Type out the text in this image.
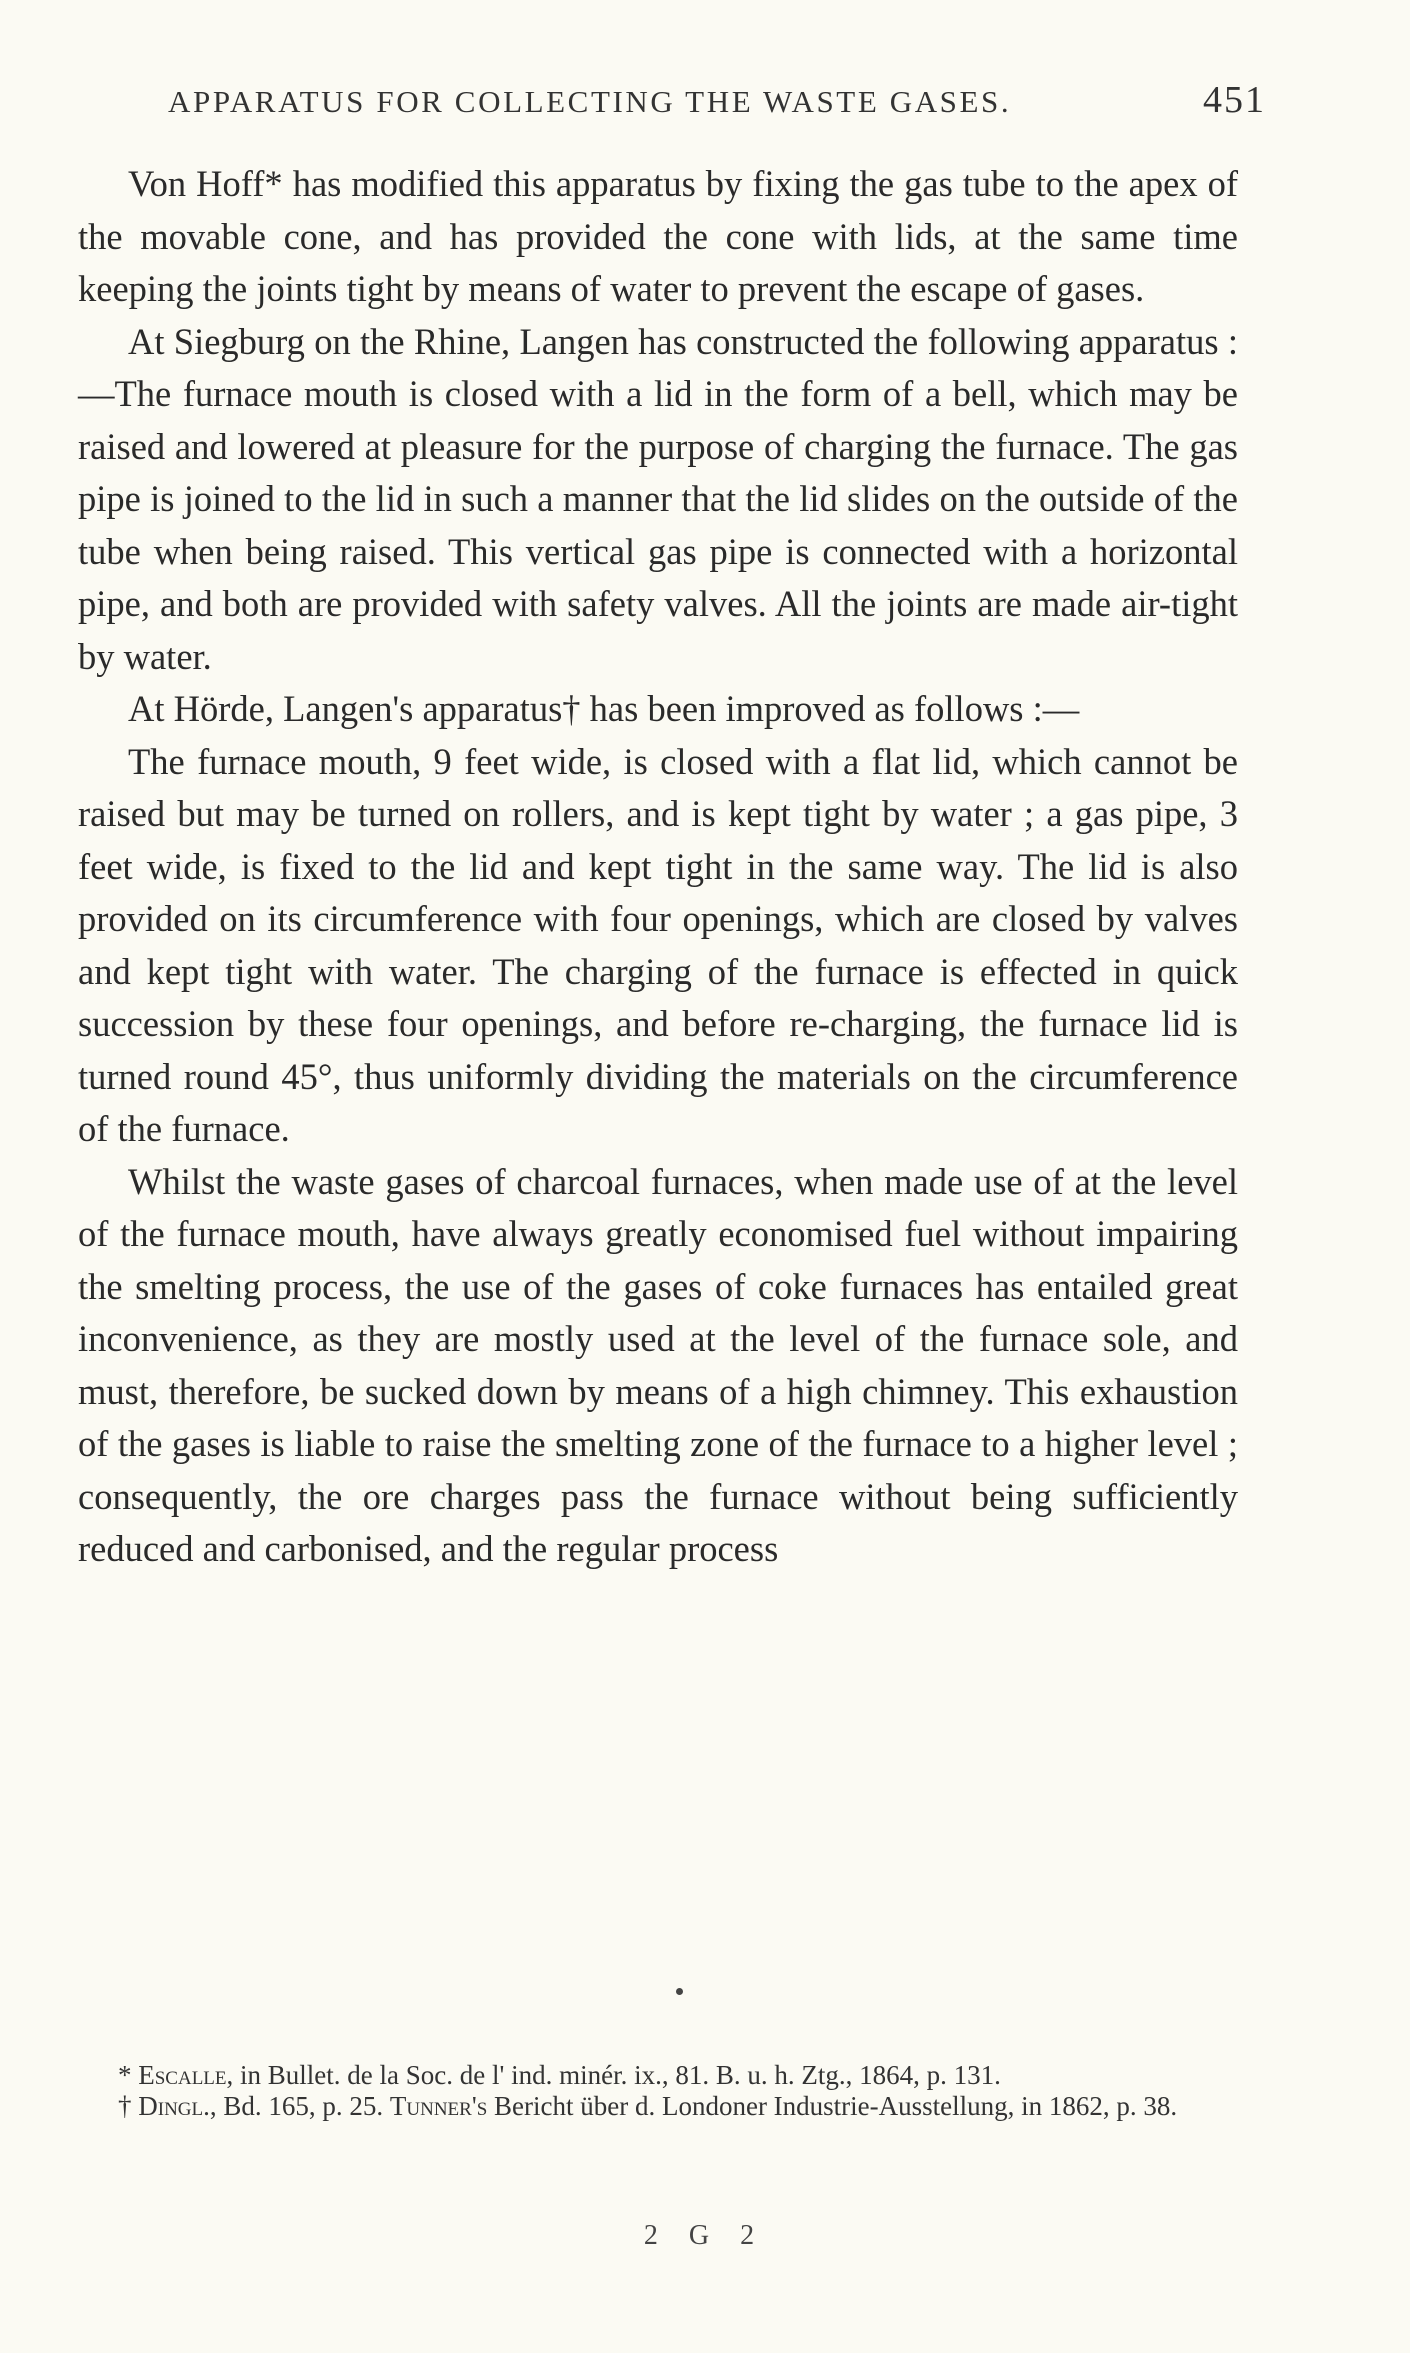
APPARATUS FOR COLLECTING THE WASTE GASES.	451

Von Hoff* has modified this apparatus by fixing the gas tube to the apex of the movable cone, and has provided the cone with lids, at the same time keeping the joints tight by means of water to prevent the escape of gases.

At Siegburg on the Rhine, Langen has constructed the following apparatus :—The furnace mouth is closed with a lid in the form of a bell, which may be raised and lowered at pleasure for the purpose of charging the furnace. The gas pipe is joined to the lid in such a manner that the lid slides on the outside of the tube when being raised. This vertical gas pipe is connected with a horizontal pipe, and both are provided with safety valves. All the joints are made air-tight by water.

At Hörde, Langen's apparatus† has been improved as follows :—

The furnace mouth, 9 feet wide, is closed with a flat lid, which cannot be raised but may be turned on rollers, and is kept tight by water ; a gas pipe, 3 feet wide, is fixed to the lid and kept tight in the same way. The lid is also provided on its circumference with four openings, which are closed by valves and kept tight with water. The charging of the furnace is effected in quick succession by these four openings, and before re-charging, the furnace lid is turned round 45°, thus uniformly dividing the materials on the circumference of the furnace.

Whilst the waste gases of charcoal furnaces, when made use of at the level of the furnace mouth, have always greatly economised fuel without impairing the smelting process, the use of the gases of coke furnaces has entailed great inconvenience, as they are mostly used at the level of the furnace sole, and must, therefore, be sucked down by means of a high chimney. This exhaustion of the gases is liable to raise the smelting zone of the furnace to a higher level ; consequently, the ore charges pass the furnace without being sufficiently reduced and carbonised, and the regular process

* Escalle, in Bullet. de la Soc. de l' ind. minér. ix., 81. B. u. h. Ztg., 1864, p. 131.

† Dingl., Bd. 165, p. 25. Tunner's Bericht über d. Londoner Industrie-Ausstellung, in 1862, p. 38.

2 G 2
